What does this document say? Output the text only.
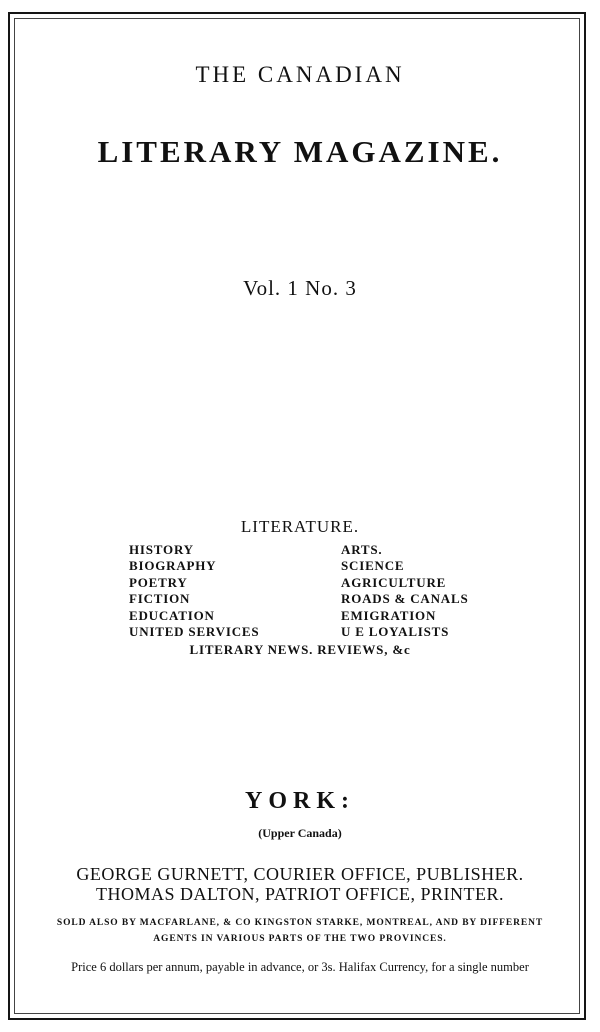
THE CANADIAN
LITERARY MAGAZINE.
Vol. 1 No. 3
LITERATURE.
HISTORY
BIOGRAPHY
POETRY
FICTION
EDUCATION
UNITED SERVICES
ARTS.
SCIENCE
AGRICULTURE
ROADS & CANALS
EMIGRATION
U E LOYALISTS
LITERARY NEWS. REVIEWS, &c
YORK:
(Upper Canada)
GEORGE GURNETT, COURIER OFFICE, PUBLISHER.
THOMAS DALTON, PATRIOT OFFICE, PRINTER.
SOLD ALSO BY MACFARLANE, & CO KINGSTON STARKE, MONTREAL, AND BY DIFFERENT
AGENTS IN VARIOUS PARTS OF THE TWO PROVINCES.
Price 6 dollars per annum, payable in advance, or 3s. Halifax Currency, for a single number
